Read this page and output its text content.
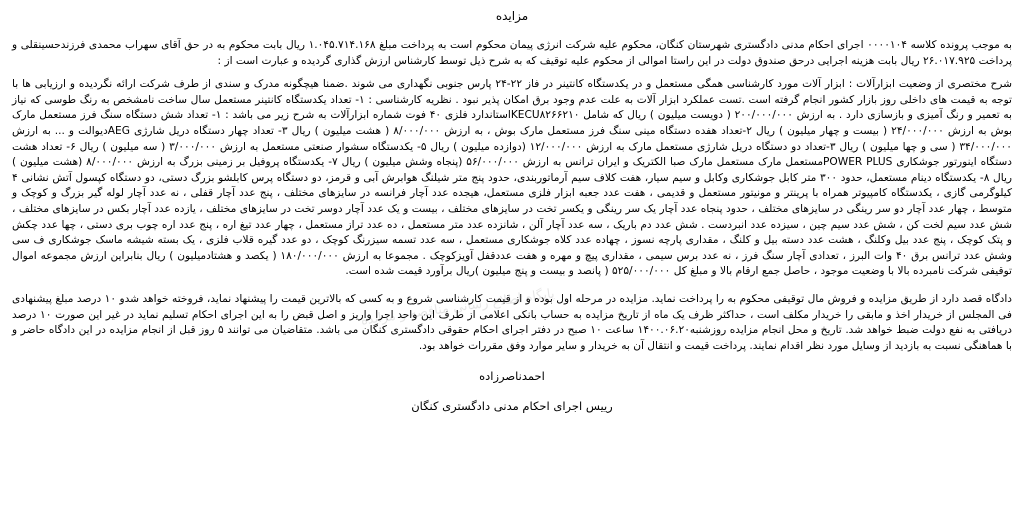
مزایده

به موجب پرونده کلاسه ۰۰۰۰۱۰۴ اجرای احکام مدنی دادگستری شهرستان کنگان، محکوم علیه شرکت انرژی پیمان محکوم است به پرداخت مبلغ ۱.۰۴۵.۷۱۴.۱۶۸ ریال بابت محکوم به در حق آقای سهراب محمدی فرزندحسینقلی و پرداخت ۲۶.۰۱۷.۹۲۵ ریال بابت هزینه اجرایی درحق صندوق دولت در این راستا اموالی از محکوم علیه توقیف که به شرح ذیل توسط کارشناس ارزش گذاری گردیده و عبارت است از :

شرح مختصری از وضعیت ابزارآلات : ابزار آلات مورد کارشناسی همگی مستعمل و در یکدستگاه کانتینر در فاز ۲۲-۲۴ پارس جنوبی نگهداری می شوند .ضمنا هیچگونه مدرک و سندی از طرف شرکت ارائه نگردیده و ارزیابی ها با توجه به قیمت های داخلی روز بازار کشور انجام گرفته است .تست عملکرد ابزار آلات به علت عدم وجود برق امکان پذیر نبود . نظریه کارشناسی : ۱- تعداد یکدستگاه کانتینر مستعمل سال ساخت نامشخص به رنگ طوسی که نیاز به تعمیر و رنگ آمیزی و بازسازی دارد . به ارزش ۲۰۰/۰۰۰/۰۰۰ ( دویست میلیون ) ریال که شامل KECU۸۲۶۶۲۱۰استاندارد فلزی ۴۰ فوت شماره ابزارآلات به شرح زیر می باشد : ۱- تعداد شش دستگاه سنگ فرز مستعمل مارک بوش به ارزش ۲۴/۰۰۰/۰۰۰ ( بیست و چهار میلیون ) ریال ۲-تعداد هفده دستگاه مینی سنگ فرز مستعمل مارک بوش ، به ارزش ۸/۰۰۰/۰۰۰ ( هشت میلیون ) ریال ۳- تعداد چهار دستگاه دریل شارژی AEGدیوالت و ... به ارزش ۳۴/۰۰۰/۰۰۰ ( سی و چها میلیون ) ریال ۳-تعداد دو دستگاه دریل شارژی مستعمل مارک به ارزش ۱۲/۰۰۰/۰۰۰ (دوازده میلیون ) ریال ۵- یکدستگاه سشوار صنعتی مستعمل به ارزش ۳/۰۰۰/۰۰۰ ( سه میلیون ) ریال ۶- تعداد هشت دستگاه اینورتور جوشکاری POWER PLUSمستعمل مارک مستعمل مارک صبا الکتریک و ایران ترانس به ارزش ۵۶/۰۰۰/۰۰۰ (پنجاه وشش میلیون ) ریال ۷- یکدستگاه پروفیل بر زمینی بزرگ به ارزش ۸/۰۰۰/۰۰۰ (هشت میلیون ) ریال ۸- یکدستگاه دینام مستعمل، حدود ۳۰۰ متر کابل جوشکاری وکابل و سیم سیار، هفت کلاف سیم آرماتوربندی، حدود پنج متر شیلنگ هوابرش آبی و قرمز، دو دستگاه پرس کابلشو بزرگ دستی، دو دستگاه کپسول آتش نشانی ۴ کیلوگرمی گازی ، یکدستگاه کامپیوتر همراه با پرینتر و مونیتور مستعمل و قدیمی ، هفت عدد جعبه ابزار فلزی مستعمل، هیجده عدد آچار فرانسه در سایزهای مختلف ، پنج عدد آچار قفلی ، نه عدد آچار لوله گیر بزرگ و کوچک و متوسط ، چهار عدد آچار دو سر رینگی در سایزهای مختلف ، حدود پنجاه عدد آچار یک سر رینگی و یکسر تخت در سایزهای مختلف ، بیست و یک عدد آچار دوسر تخت در سایزهای مختلف ، یازده عدد آچار بکس در سایزهای مختلف ، شش عدد سیم لخت کن ، شش عدد سیم چین ، سیزده عدد انبردست . شش عدد دم باریک ، سه عدد آچار آلن ، شانزده عدد متر مستعمل ، ده عدد تراز مستعمل ، چهار عدد تیغ اره ، پنج عدد اره چوب بری دستی ، چها عدد چکش و پتک کوچک ، پنج عدد بیل وکلنگ ، هشت عدد دسته بیل و کلنگ ، مقداری پارچه نسوز ، چهاده عدد کلاه جوشکاری مستعمل ، سه عدد تسمه سیزرنگ کوچک ، دو عدد گیره قلاب فلزی ، یک بسته شیشه ماسک جوشکاری ف سی وشش عدد ترانس برق ۴۰ وات البرز ، تعدادی آچار سنگ فرز ، نه عدد برس سیمی ، مقداری پیچ و مهره و هفت عددقفل آویزکوچک . مجموعا به ارزش ۱۸۰/۰۰۰/۰۰۰ ( یکصد و هشتادمیلیون ) ریال بنابراین ارزش مجموعه اموال توقیفی شرکت نامبرده بالا با وضعیت موجود ، حاصل جمع ارقام بالا و مبلغ کل ۵۲۵/۰۰۰/۰۰۰ ( پانصد و بیست و پنج میلیون )ریال برآورد قیمت شده است.

دادگاه قصد دارد از طریق مزایده و فروش مال توقیفی محکوم به را پرداخت نماید. مزایده در مرحله اول بوده و از قیمت کارشناسی شروع و به کسی که بالاترین قیمت را پیشنهاد نماید، فروخته خواهد شدو ۱۰ درصد مبلغ پیشنهادی فی المجلس از خریدار اخذ و مابقی را خریدار مکلف است ، حداکثر ظرف یک ماه از تاریخ مزایده به حساب بانکی اعلامی از طرف این واحد اجرا واریز و اصل قبض را به این اجرای احکام تسلیم نماید در غیر این صورت ۱۰ درصد دریافتی به نفع دولت ضبط خواهد شد. تاریخ و محل انجام مزایده روزشنبه۱۴۰۰.۰۶.۲۰ ساعت ۱۰ صبح در دفتر اجرای احکام حقوقی دادگستری کنگان می باشد. متقاضیان می توانند ۵ روز قبل از انجام مزایده در این دادگاه حاضر و با هماهنگی نسبت به بازدید از وسایل مورد نظر اقدام نمایند. پرداخت قیمت و انتقال آن به خریدار و سایر موارد وفق مقررات خواهد بود.

احمدناصرزاده
رییس اجرای احکام مدنی دادگستری کنگان
پایگاه اطلاع رسانی مناقصه و مزایده
